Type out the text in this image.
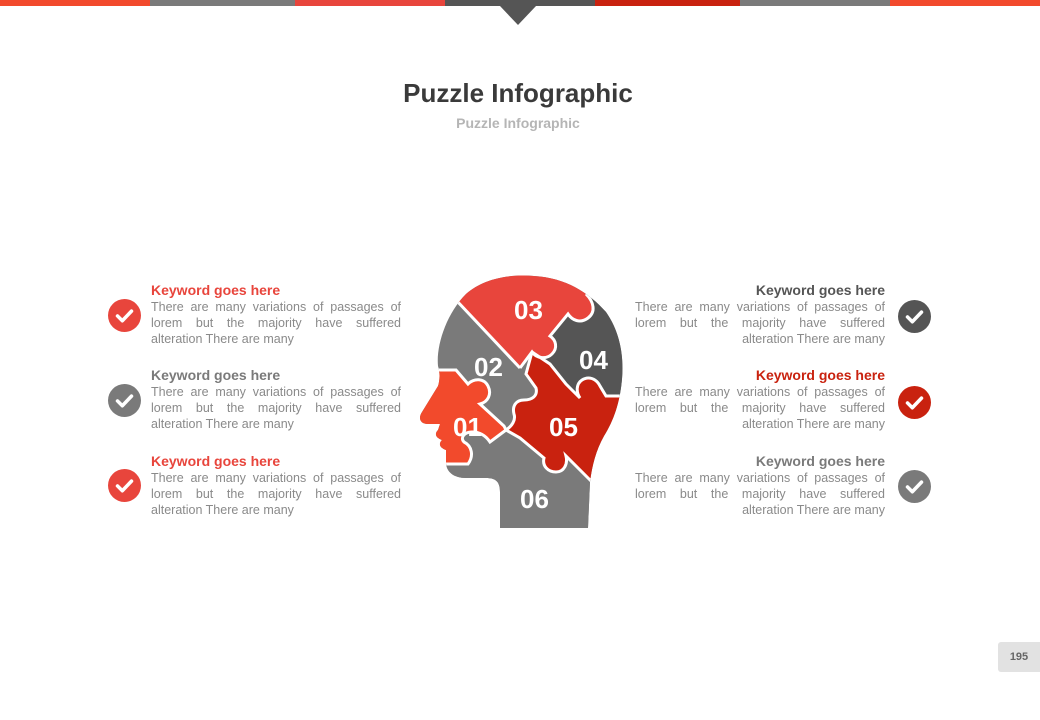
Puzzle Infographic
Puzzle Infographic
Keyword goes here
There are many variations of passages of lorem but the majority have suffered alteration There are many
Keyword goes here
There are many variations of passages of lorem but the majority have suffered alteration There are many
Keyword goes here
There are many variations of passages of lorem but the majority have suffered alteration There are many
Keyword goes here
There are many variations of passages of lorem but the majority have suffered alteration There are many
Keyword goes here
There are many variations of passages of lorem but the majority have suffered alteration There are many
Keyword goes here
There are many variations of passages of lorem but the majority have suffered alteration There are many
01
02
03
04
05
06
195
